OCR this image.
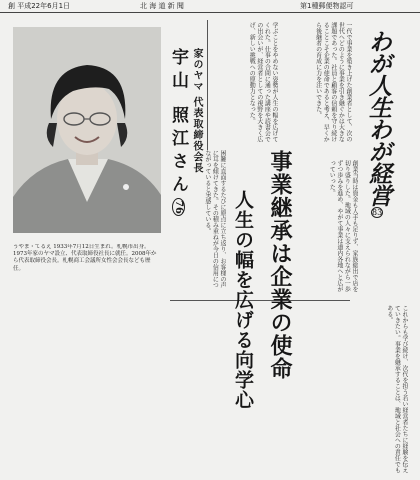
創 平成22年6月1日	北 海 道 新 聞	第1種郵便物認可
うやま・てるえ 1933年7月12日生まれ。札幌市出身。1973年家のヤマ設立、代表取締役社長に就任。2008年から代表取締役会長。札幌商工会議所女性会会長なども歴任。
家のヤマ 代表取締役会長
宇山 照江さん76
一代で事業を築き上げた創業者として、次の世代へどのように事業を引き継ぐかは大きな課題であった。社員と顧客の信頼を守り続けることこそ企業の使命であると考え、早くから後継者の育成に力を注いできた。
学ぶことをやめない姿勢が人生の幅を広げてくれた。仕事の合間に通った講座や読書会での出会いが、経営者としての視野を大きく広げ、新しい挑戦への原動力となった。
創業当時は資金も人手も足りず、家族総出で店を切り盛りした。地域の人々に支えられながら一歩ずつ歩みを進め、やがて事業は道内各地へと広がっていった。
困難に直面するたびに原点に立ち返り、お客様の声に耳を傾けてきた。その積み重ねが今日の信用につながっていると実感している。
これからも学び続け、次代を担う若い経営者たちに経験を伝えていきたい。事業を継承することは、地域と社会への責任でもある。
事業継承は企業の使命
人生の幅を広げる向学心
わが人生わが経営
83
